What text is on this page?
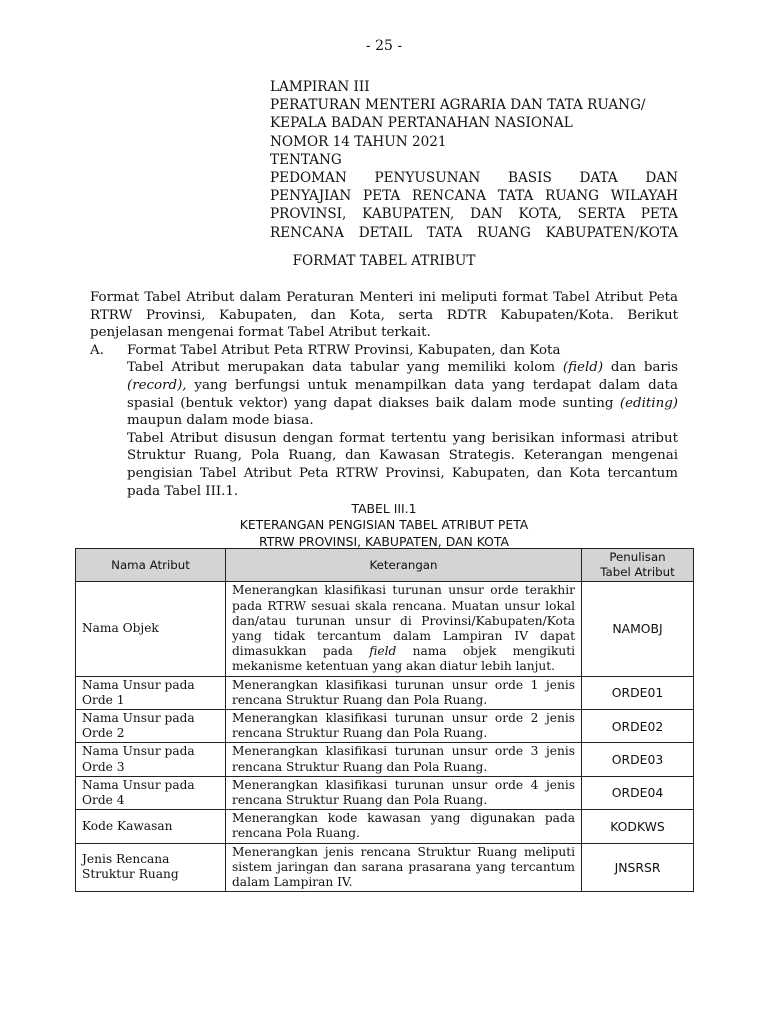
- 25 -
LAMPIRAN III
PERATURAN MENTERI AGRARIA DAN TATA RUANG/
KEPALA BADAN PERTANAHAN NASIONAL
NOMOR 14 TAHUN 2021
TENTANG
PEDOMAN PENYUSUNAN BASIS DATA DAN
PENYAJIAN PETA RENCANA TATA RUANG WILAYAH
PROVINSI, KABUPATEN, DAN KOTA, SERTA PETA
RENCANA DETAIL TATA RUANG KABUPATEN/KOTA
FORMAT TABEL ATRIBUT

Format Tabel Atribut dalam Peraturan Menteri ini meliputi format Tabel Atribut Peta RTRW Provinsi, Kabupaten, dan Kota, serta RDTR Kabupaten/Kota. Berikut penjelasan mengenai format Tabel Atribut terkait.

A.	Format Tabel Atribut Peta RTRW Provinsi, Kabupaten, dan Kota

Tabel Atribut merupakan data tabular yang memiliki kolom (field) dan baris (record), yang berfungsi untuk menampilkan data yang terdapat dalam data spasial (bentuk vektor) yang dapat diakses baik dalam mode sunting (editing) maupun dalam mode biasa.

Tabel Atribut disusun dengan format tertentu yang berisikan informasi atribut Struktur Ruang, Pola Ruang, dan Kawasan Strategis. Keterangan mengenai pengisian Tabel Atribut Peta RTRW Provinsi, Kabupaten, dan Kota tercantum pada Tabel III.1.

TABEL III.1
KETERANGAN PENGISIAN TABEL ATRIBUT PETA
RTRW PROVINSI, KABUPATEN, DAN KOTA
Nama Atribut	Keterangan	Penulisan
Tabel Atribut

Nama Objek	Menerangkan klasifikasi turunan unsur orde terakhir pada RTRW sesuai skala rencana. Muatan unsur lokal dan/atau turunan unsur di Provinsi/Kabupaten/Kota yang tidak tercantum dalam Lampiran IV dapat dimasukkan pada field nama objek mengikuti mekanisme ketentuan yang akan diatur lebih lanjut.	NAMOBJ
Nama Unsur pada Orde 1	Menerangkan klasifikasi turunan unsur orde 1 jenis rencana Struktur Ruang dan Pola Ruang.	ORDE01
Nama Unsur pada Orde 2	Menerangkan klasifikasi turunan unsur orde 2 jenis rencana Struktur Ruang dan Pola Ruang.	ORDE02
Nama Unsur pada Orde 3	Menerangkan klasifikasi turunan unsur orde 3 jenis rencana Struktur Ruang dan Pola Ruang.	ORDE03
Nama Unsur pada Orde 4	Menerangkan klasifikasi turunan unsur orde 4 jenis rencana Struktur Ruang dan Pola Ruang.	ORDE04
Kode Kawasan	Menerangkan kode kawasan yang digunakan pada rencana Pola Ruang.	KODKWS
Jenis Rencana Struktur Ruang	Menerangkan jenis rencana Struktur Ruang meliputi sistem jaringan dan sarana prasarana yang tercantum dalam Lampiran IV.	JNSRSR
